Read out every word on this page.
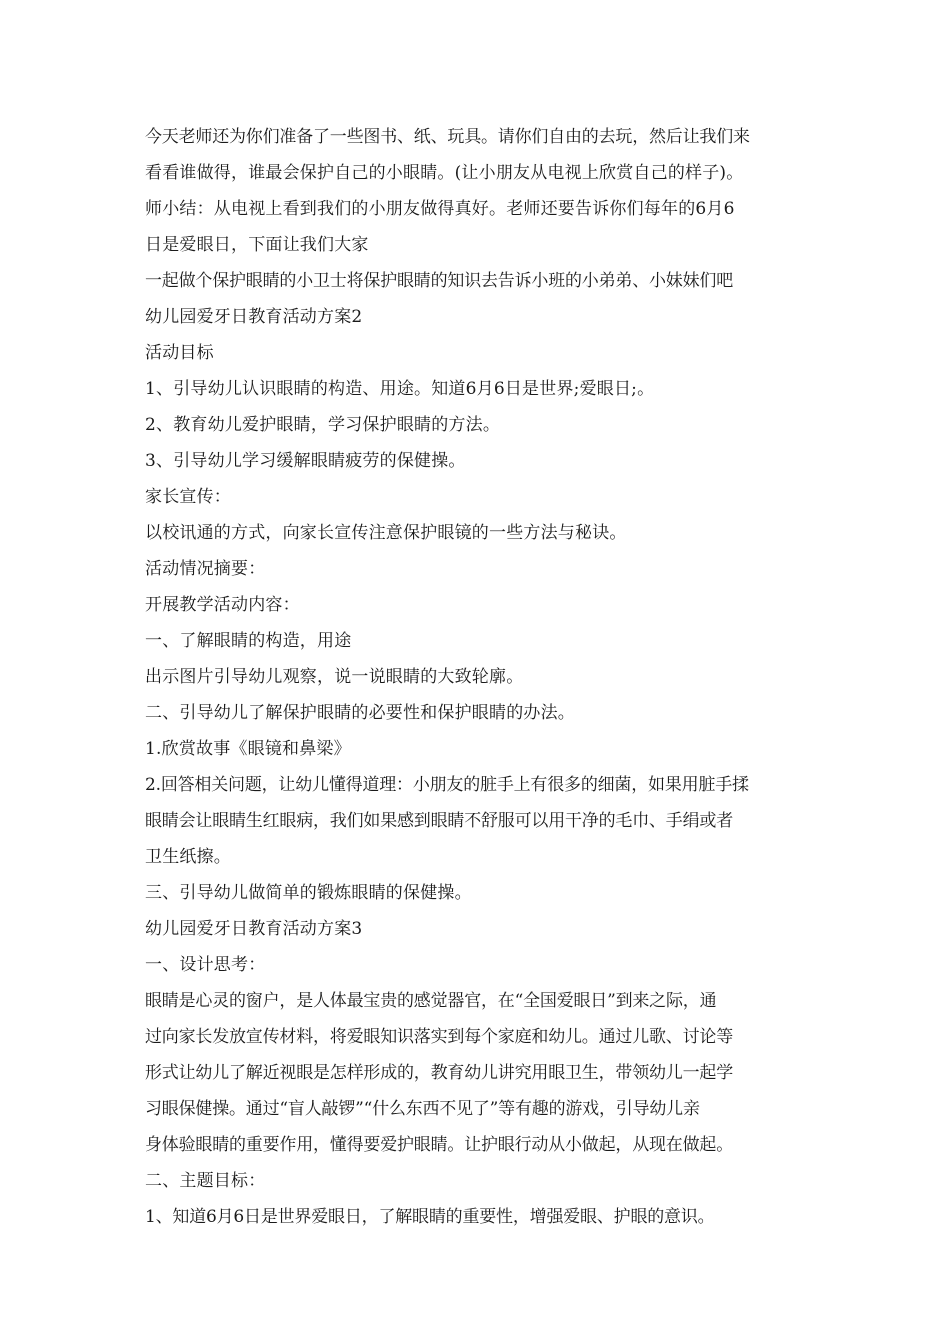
今天老师还为你们准备了一些图书、纸、玩具。请你们自由的去玩，然后让我们来
看看谁做得，谁最会保护自己的小眼睛。(让小朋友从电视上欣赏自己的样子)。
师小结：从电视上看到我们的小朋友做得真好。老师还要告诉你们每年的6月6
日是爱眼日，下面让我们大家
一起做个保护眼睛的小卫士将保护眼睛的知识去告诉小班的小弟弟、小妹妹们吧
幼儿园爱牙日教育活动方案2
活动目标
1、引导幼儿认识眼睛的构造、用途。知道6月6日是世界;爱眼日;。
2、教育幼儿爱护眼睛，学习保护眼睛的方法。
3、引导幼儿学习缓解眼睛疲劳的保健操。
家长宣传：
以校讯通的方式，向家长宣传注意保护眼镜的一些方法与秘诀。
活动情况摘要：
开展教学活动内容：
一、了解眼睛的构造，用途
出示图片引导幼儿观察，说一说眼睛的大致轮廓。
二、引导幼儿了解保护眼睛的必要性和保护眼睛的办法。
1.欣赏故事《眼镜和鼻梁》
2.回答相关问题，让幼儿懂得道理：小朋友的脏手上有很多的细菌，如果用脏手揉
眼睛会让眼睛生红眼病，我们如果感到眼睛不舒服可以用干净的毛巾、手绢或者
卫生纸擦。
三、引导幼儿做简单的锻炼眼睛的保健操。
幼儿园爱牙日教育活动方案3
一、设计思考：
眼睛是心灵的窗户，是人体最宝贵的感觉器官，在“全国爱眼日”到来之际，通
过向家长发放宣传材料，将爱眼知识落实到每个家庭和幼儿。通过儿歌、讨论等
形式让幼儿了解近视眼是怎样形成的，教育幼儿讲究用眼卫生，带领幼儿一起学
习眼保健操。通过“盲人敲锣”“什么东西不见了”等有趣的游戏，引导幼儿亲
身体验眼睛的重要作用，懂得要爱护眼睛。让护眼行动从小做起，从现在做起。
二、主题目标：
1、知道6月6日是世界爱眼日，了解眼睛的重要性，增强爱眼、护眼的意识。
